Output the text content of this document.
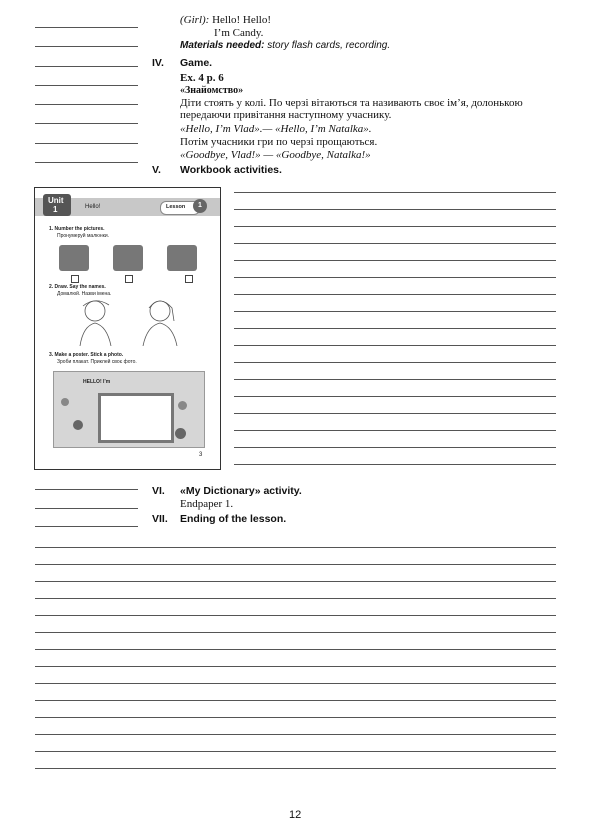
(Girl): Hello! Hello!
I’m Candy.
Materials needed: story flash cards, recording.
IV. Game.
Ex. 4 p. 6
«Знайомство»
Діти стоять у колі. По черзі вітаються та називають своє ім’я, долонькою
передаючи привітання наступному учаснику.
«Hello, I’m Vlad».— «Hello, I’m Natalka».
Потім учасники гри по черзі прощаються.
«Goodbye, Vlad!» — «Goodbye, Natalka!»
V. Workbook activities.
Unit
1	Hello!	Lesson 1
1. Number the pictures.
Пронумеруй малюнки.
2. Draw. Say the names.
Домалюй. Назви імена.
3. Make a poster. Stick a photo.
Зроби плакат. Приклей своє фото.
HELLO! I’m
3
VI. «My Dictionary» activity.
Endpaper 1.
VII. Ending of the lesson.
12
